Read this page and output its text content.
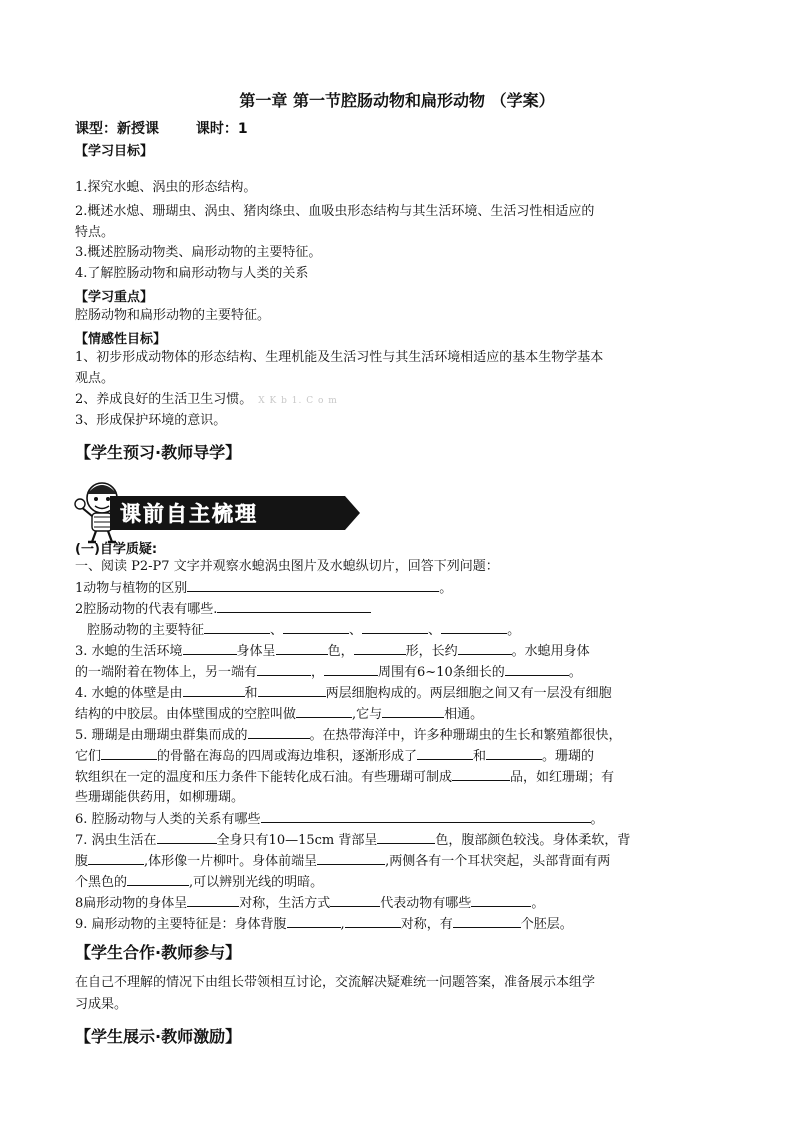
第一章 第一节腔肠动物和扁形动物 （学案）
课型：新授课	课时：1
【学习目标】
1.探究水螅、涡虫的形态结构。
2.概述水熄、珊瑚虫、涡虫、猪肉绦虫、血吸虫形态结构与其生活环境、生活习性相适应的
特点。
3.概述腔肠动物类、扁形动物的主要特征。
4.了解腔肠动物和扁形动物与人类的关系
【学习重点】
腔肠动物和扁形动物的主要特征。
【情感性目标】
1、初步形成动物体的形态结构、生理机能及生活习性与其生活环境相适应的基本生物学基本
观点。
2、养成良好的生活卫生习惯。 X K b 1. C o m
3、形成保护环境的意识。
【学生预习·教师导学】
课前自主梳理
(一)自学质疑:
一、阅读 P2-P7 文字并观察水螅涡虫图片及水螅纵切片，回答下列问题：
1动物与植物的区别	。
2腔肠动物的代表有哪些.
腔肠动物的主要特征	、	、	、	。
3. 水螅的生活环境	身体呈	色，	形，长约	。水螅用身体
的一端附着在物体上，另一端有	，	周围有6~10条细长的	。
4. 水螅的体壁是由	和	两层细胞构成的。两层细胞之间又有一层没有细胞
结构的中胶层。由体壁围成的空腔叫做	,它与	相通。
5. 珊瑚是由珊瑚虫群集而成的	。在热带海洋中，许多种珊瑚虫的生长和繁殖都很快，
它们	的骨骼在海岛的四周或海边堆积，逐渐形成了	和	。珊瑚的
软组织在一定的温度和压力条件下能转化成石油。有些珊瑚可制成	品，如红珊瑚；有
些珊瑚能供药用，如柳珊瑚。
6. 腔肠动物与人类的关系有哪些	。
7. 涡虫生活在	全身只有10—15cm 背部呈	色，腹部颜色较浅。身体柔软，背
腹	,体形像一片柳叶。身体前端呈	,两侧各有一个耳状突起，头部背面有两
个黑色的	,可以辨别光线的明暗。
8扁形动物的身体呈	对称，生活方式	代表动物有哪些	。
9. 扁形动物的主要特征是：身体背腹	,	对称，有	个胚层。
【学生合作·教师参与】
在自己不理解的情况下由组长带领相互讨论，交流解决疑难统一问题答案，准备展示本组学
习成果。
【学生展示·教师激励】
